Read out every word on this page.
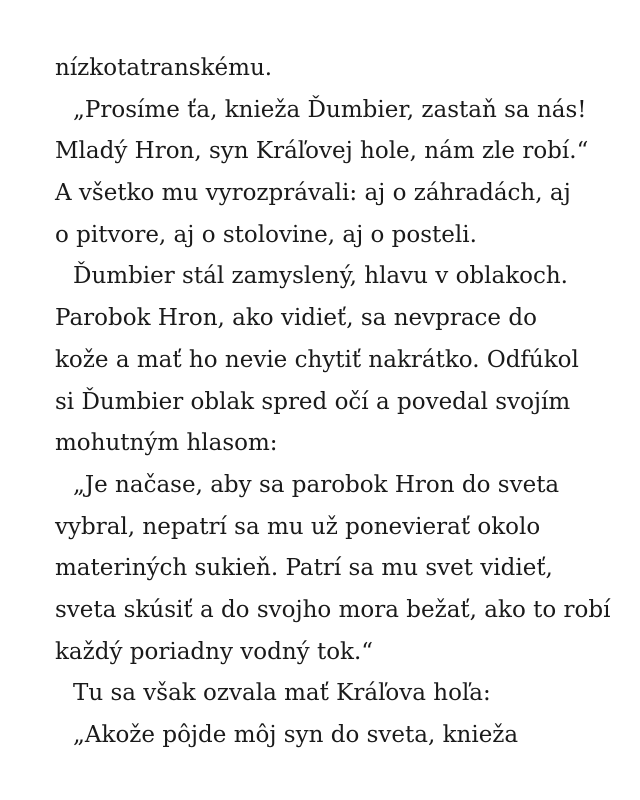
nízkotatranskému.
„Prosíme ťa, knieža Ďumbier, zastaň sa nás!
Mladý Hron, syn Kráľovej hole, nám zle robí.“
A všetko mu vyrozprávali: aj o záhradách, aj
o pitvore, aj o stolovine, aj o posteli.
Ďumbier stál zamyslený, hlavu v oblakoch.
Parobok Hron, ako vidieť, sa nevprace do
kože a mať ho nevie chytiť nakrátko. Odfúkol
si Ďumbier oblak spred očí a povedal svojím
mohutným hlasom:
„Je načase, aby sa parobok Hron do sveta
vybral, nepatrí sa mu už ponevierať okolo
materiných sukieň. Patrí sa mu svet vidieť,
sveta skúsiť a do svojho mora bežať, ako to robí
každý poriadny vodný tok.“
Tu sa však ozvala mať Kráľova hoľa:
„Akože pôjde môj syn do sveta, knieža
